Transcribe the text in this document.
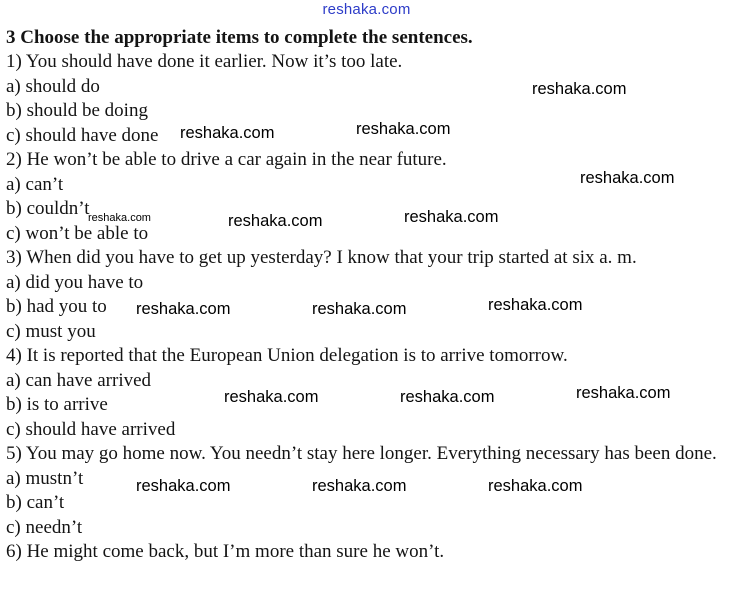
reshaka.com
3 Choose the appropriate items to complete the sentences.
1) You should have done it earlier. Now it’s too late.
a) should do
b) should be doing
c) should have done
2) He won’t be able to drive a car again in the near future.
a) can’t
b) couldn’t
c) won’t be able to
3) When did you have to get up yesterday? I know that your trip started at six a. m.
a) did you have to
b) had you to
c) must you
4) It is reported that the European Union delegation is to arrive tomorrow.
a) can have arrived
b) is to arrive
c) should have arrived
5) You may go home now. You needn’t stay here longer. Everything necessary has been done.
a) mustn’t
b) can’t
c) needn’t
6) He might come back, but I’m more than sure he won’t.
reshaka.com
reshaka.com	reshaka.com
reshaka.com
reshaka.com	reshaka.com	reshaka.com
reshaka.com	reshaka.com	reshaka.com
reshaka.com	reshaka.com	reshaka.com
reshaka.com	reshaka.com	reshaka.com
